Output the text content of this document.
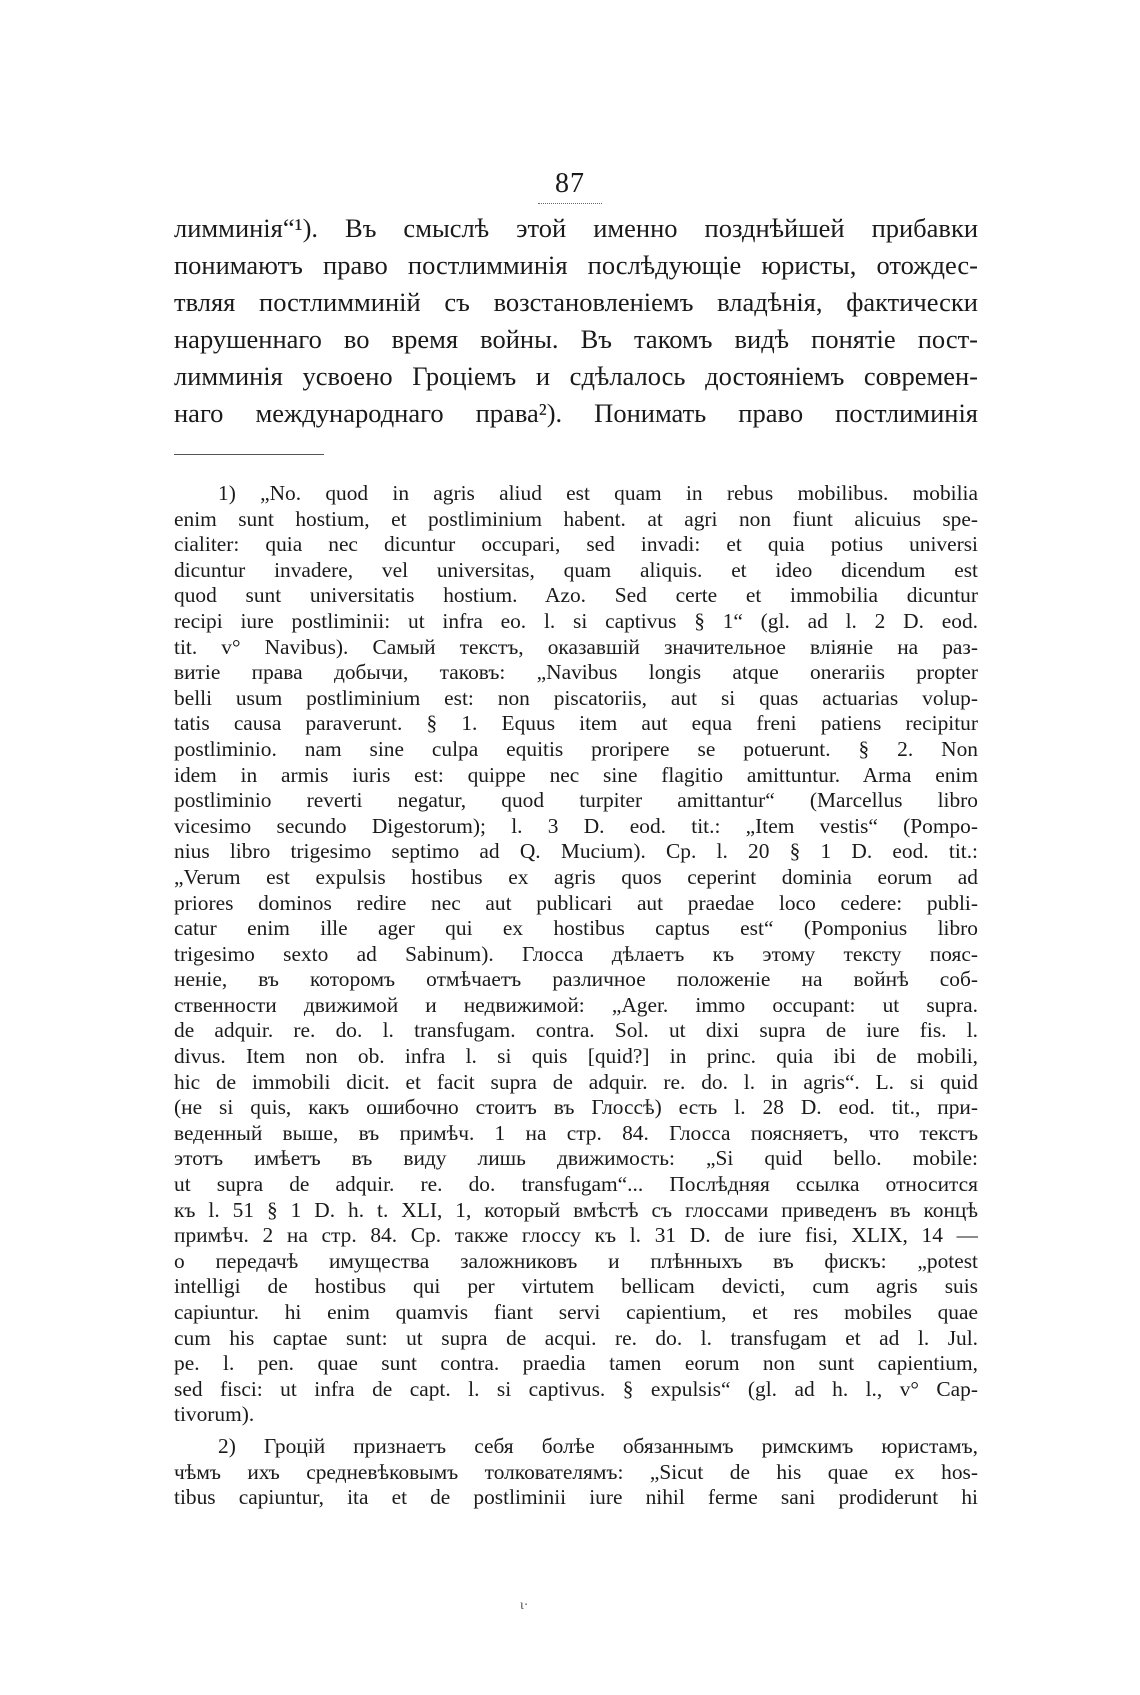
87
лимминія“¹). Въ смыслѣ этой именно позднѣйшей прибавки
понимаютъ право постлимминія послѣдующіе юристы, отождес-
твляя постлимминій съ возстановленіемъ владѣнія, фактически
нарушеннаго во время войны. Въ такомъ видѣ понятіе пост-
лимминія усвоено Гроціемъ и сдѣлалось достояніемъ современ-
наго международнаго права²). Понимать право постлиминія
1) „No. quod in agris aliud est quam in rebus mobilibus. mobilia
enim sunt hostium, et postliminium habent. at agri non fiunt alicuius spe-
cialiter: quia nec dicuntur occupari, sed invadi: et quia potius universi
dicuntur invadere, vel universitas, quam aliquis. et ideo dicendum est
quod sunt universitatis hostium. Azo. Sed certe et immobilia dicuntur
recipi iure postliminii: ut infra eo. l. si captivus § 1“ (gl. ad l. 2 D. eod.
tit. v° Navibus). Самый текстъ, оказавшій значительное вліяніе на раз-
витіе права добычи, таковъ: „Navibus longis atque onerariis propter
belli usum postliminium est: non piscatoriis, aut si quas actuarias volup-
tatis causa paraverunt. § 1. Equus item aut equa freni patiens recipitur
postliminio. nam sine culpa equitis proripere se potuerunt. § 2. Non
idem in armis iuris est: quippe nec sine flagitio amittuntur. Arma enim
postliminio reverti negatur, quod turpiter amittantur“ (Marcellus libro
vicesimo secundo Digestorum); l. 3 D. eod. tit.: „Item vestis“ (Pompo-
nius libro trigesimo septimo ad Q. Mucium). Ср. l. 20 § 1 D. eod. tit.:
„Verum est expulsis hostibus ex agris quos ceperint dominia eorum ad
priores dominos redire nec aut publicari aut praedae loco cedere: publi-
catur enim ille ager qui ex hostibus captus est“ (Pomponius libro
trigesimo sexto ad Sabinum). Глосса дѣлаетъ къ этому тексту пояс-
неніе, въ которомъ отмѣчаетъ различное положеніе на войнѣ соб-
ственности движимой и недвижимой: „Ager. immo occupant: ut supra.
de adquir. re. do. l. transfugam. contra. Sol. ut dixi supra de iure fis. l.
divus. Item non ob. infra l. si quis [quid?] in princ. quia ibi de mobili,
hic de immobili dicit. et facit supra de adquir. re. do. l. in agris“. L. si quid
(не si quis, какъ ошибочно стоитъ въ Глоссѣ) есть l. 28 D. eod. tit., при-
веденный выше, въ примѣч. 1 на стр. 84. Глосса поясняетъ, что текстъ
этотъ имѣетъ въ виду лишь движимость: „Si quid bello. mobile:
ut supra de adquir. re. do. transfugam“... Послѣдняя ссылка относится
къ l. 51 § 1 D. h. t. XLI, 1, который вмѣстѣ съ глоссами приведенъ въ концѣ
примѣч. 2 на стр. 84. Ср. также глоссу къ l. 31 D. de iure fisi, XLIX, 14 —
о передачѣ имущества заложниковъ и плѣнныхъ въ фискъ: „potest
intelligi de hostibus qui per virtutem bellicam devicti, cum agris suis
capiuntur. hi enim quamvis fiant servi capientium, et res mobiles quae
cum his captae sunt: ut supra de acqui. re. do. l. transfugam et ad l. Jul.
pe. l. pen. quae sunt contra. praedia tamen eorum non sunt capientium,
sed fisci: ut infra de capt. l. si captivus. § expulsis“ (gl. ad h. l., v° Cap-
tivorum).
2) Гроцій признаетъ себя болѣе обязаннымъ римскимъ юристамъ,
чѣмъ ихъ средневѣковымъ толкователямъ: „Sicut de his quae ex hos-
tibus capiuntur, ita et de postliminii iure nihil ferme sani prodiderunt hi
ι·
